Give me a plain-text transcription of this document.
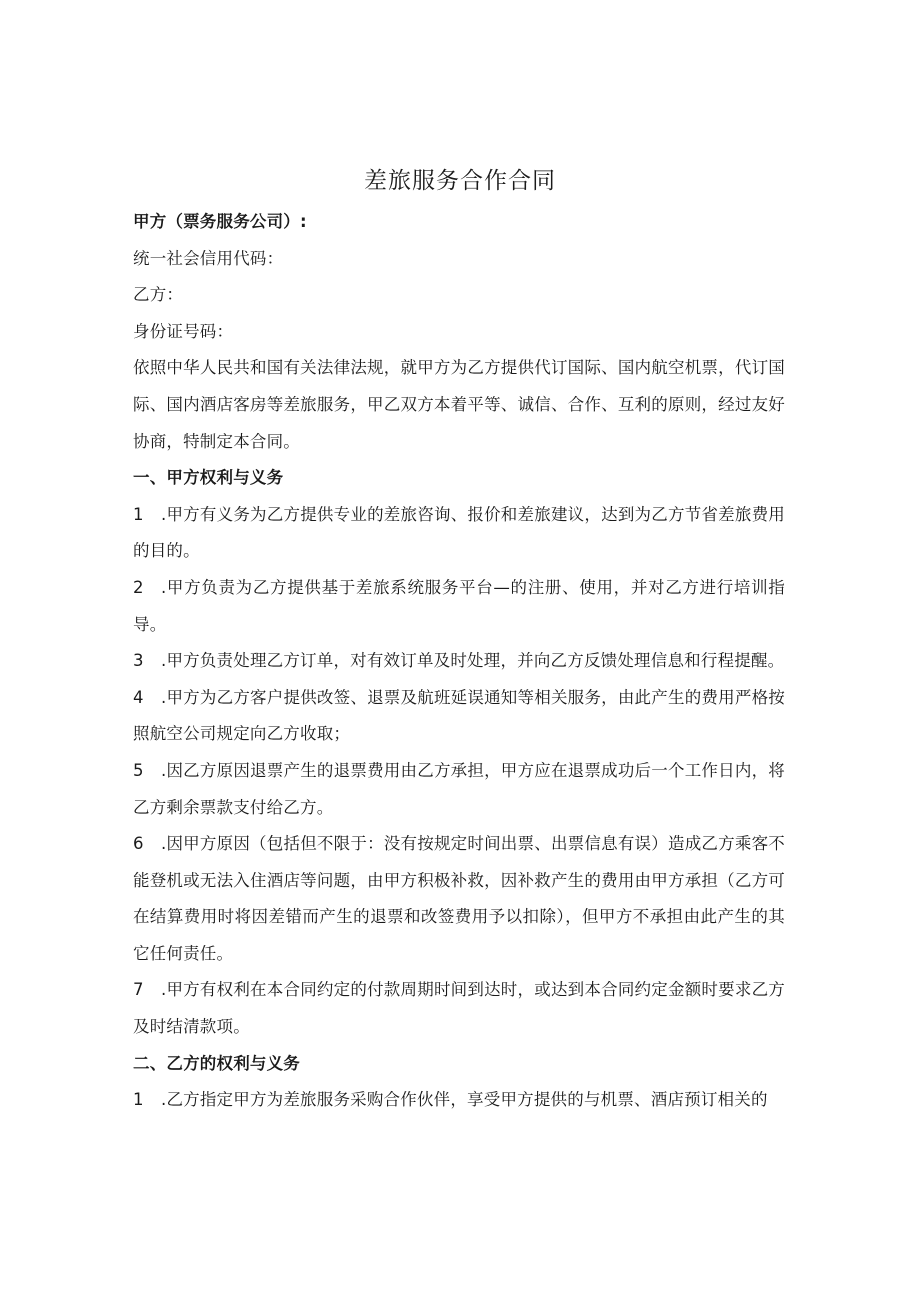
差旅服务合作合同

甲方（票务服务公司）:

统一社会信用代码：

乙方：

身份证号码：

依照中华人民共和国有关法律法规，就甲方为乙方提供代订国际、国内航空机票，代订国际、国内酒店客房等差旅服务，甲乙双方本着平等、诚信、合作、互利的原则，经过友好协商，特制定本合同。

一、甲方权利与义务

1 .甲方有义务为乙方提供专业的差旅咨询、报价和差旅建议，达到为乙方节省差旅费用的目的。

2 .甲方负责为乙方提供基于差旅系统服务平台—的注册、使用，并对乙方进行培训指导。

3 .甲方负责处理乙方订单，对有效订单及时处理，并向乙方反馈处理信息和行程提醒。

4 .甲方为乙方客户提供改签、退票及航班延误通知等相关服务，由此产生的费用严格按照航空公司规定向乙方收取；

5 .因乙方原因退票产生的退票费用由乙方承担，甲方应在退票成功后一个工作日内，将乙方剩余票款支付给乙方。

6 .因甲方原因（包括但不限于：没有按规定时间出票、出票信息有误）造成乙方乘客不能登机或无法入住酒店等问题，由甲方积极补救，因补救产生的费用由甲方承担（乙方可在结算费用时将因差错而产生的退票和改签费用予以扣除），但甲方不承担由此产生的其它任何责任。

7 .甲方有权利在本合同约定的付款周期时间到达时，或达到本合同约定金额时要求乙方及时结清款项。

二、乙方的权利与义务

1 .乙方指定甲方为差旅服务采购合作伙伴，享受甲方提供的与机票、酒店预订相关的
